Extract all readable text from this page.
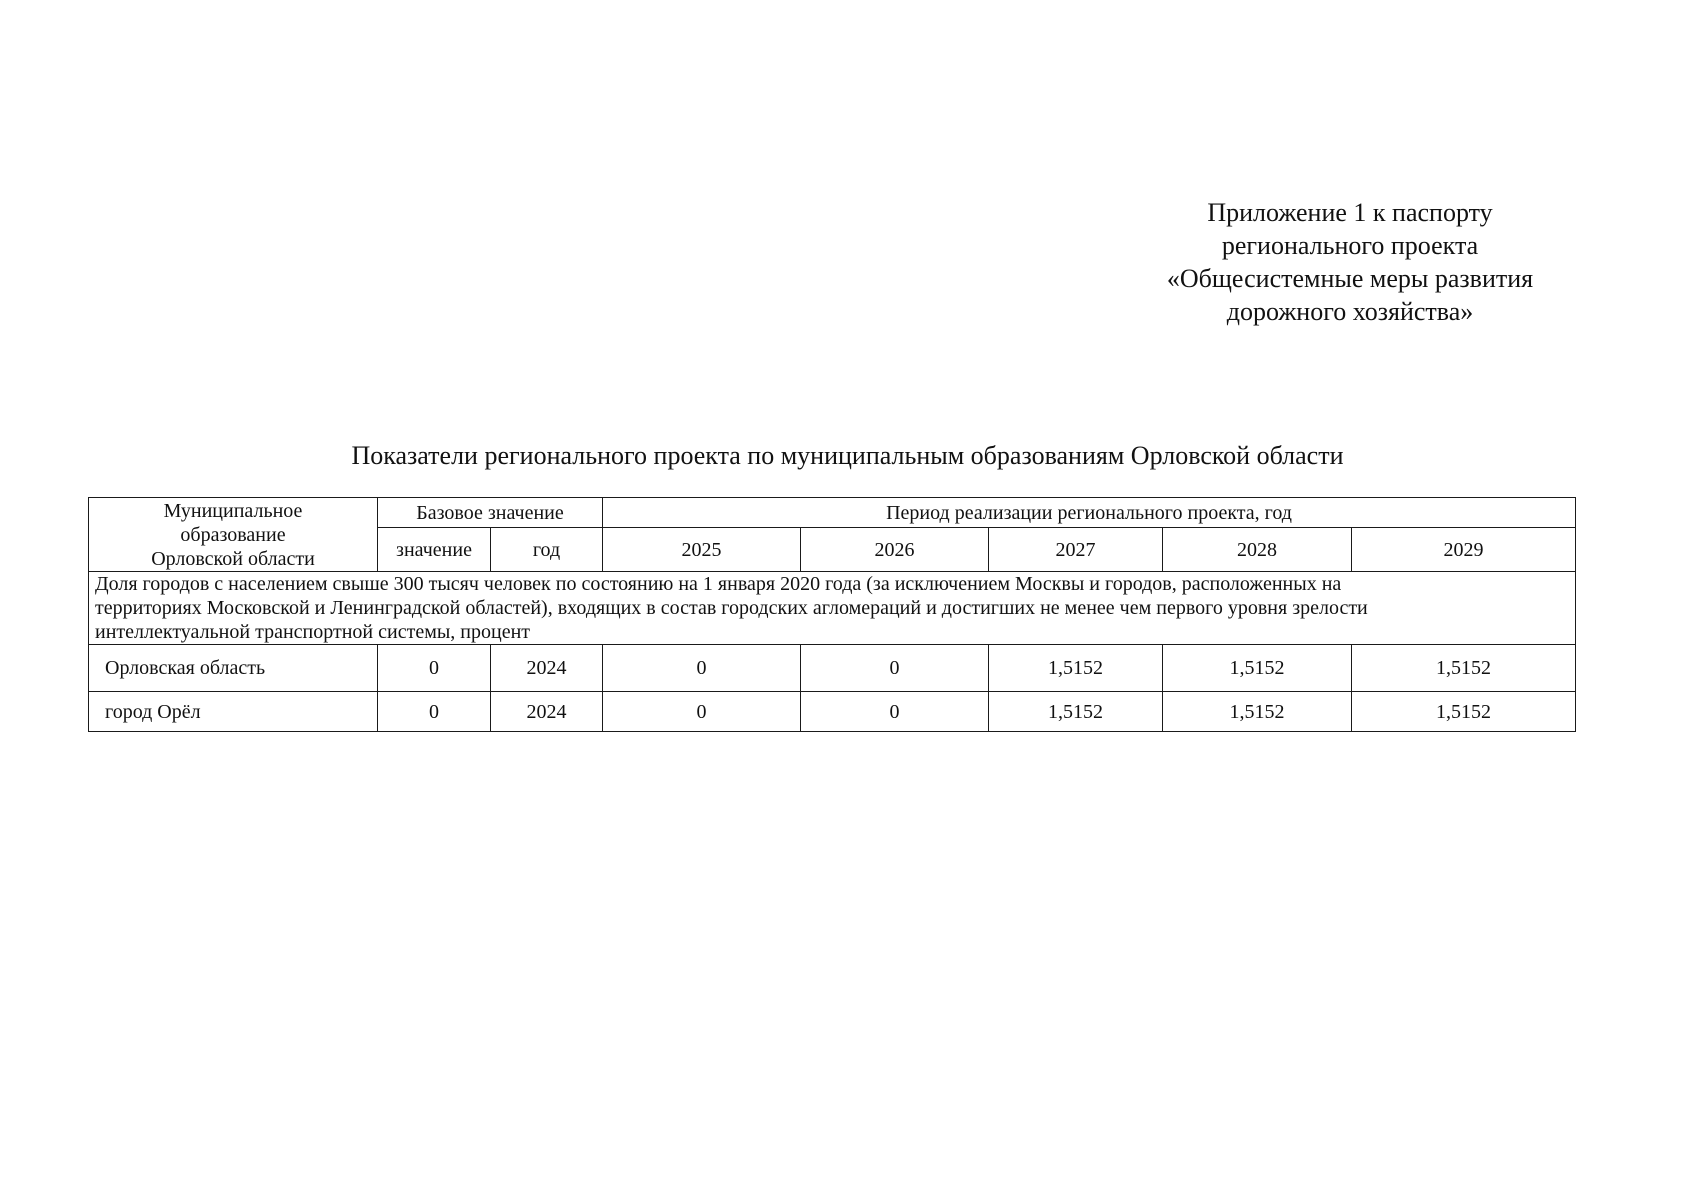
Приложение 1 к паспорту
регионального проекта
«Общесистемные меры развития
дорожного хозяйства»
Показатели регионального проекта по муниципальным образованиям Орловской области
Муниципальное
образование
Орловской области	Базовое значение		Период реализации регионального проекта, год				
	значение	год	2025	2026	2027	2028	2029

Доля городов с населением свыше 300 тысяч человек по состоянию на 1 января 2020 года (за исключением Москвы и городов, расположенных на
территориях Московской и Ленинградской областей), входящих в состав городских агломераций и достигших не менее чем первого уровня зрелости
интеллектуальной транспортной системы, процент							

Орловская область	0	2024	0	0	1,5152	1,5152	1,5152
город Орёл	0	2024	0	0	1,5152	1,5152	1,5152
